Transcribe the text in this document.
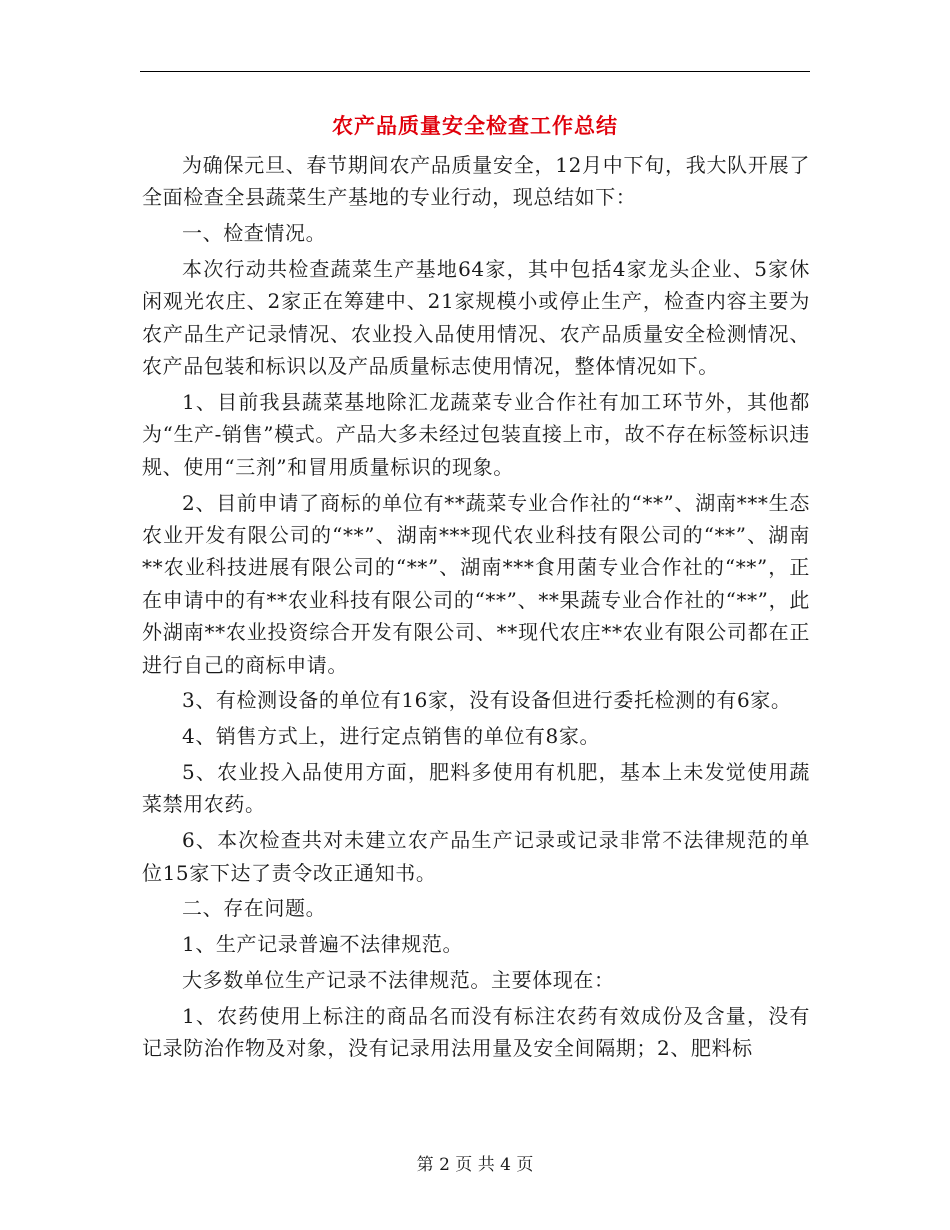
农产品质量安全检查工作总结

为确保元旦、春节期间农产品质量安全，12月中下旬，我大队开展了全面检查全县蔬菜生产基地的专业行动，现总结如下：

一、检查情况。

本次行动共检查蔬菜生产基地64家，其中包括4家龙头企业、5家休闲观光农庄、2家正在筹建中、21家规模小或停止生产，检查内容主要为农产品生产记录情况、农业投入品使用情况、农产品质量安全检测情况、农产品包装和标识以及产品质量标志使用情况，整体情况如下。

1、目前我县蔬菜基地除汇龙蔬菜专业合作社有加工环节外，其他都为“生产-销售”模式。产品大多未经过包装直接上市，故不存在标签标识违规、使用“三剂”和冒用质量标识的现象。

2、目前申请了商标的单位有**蔬菜专业合作社的“**”、湖南***生态农业开发有限公司的“**”、湖南***现代农业科技有限公司的“**”、湖南**农业科技进展有限公司的“**”、湖南***食用菌专业合作社的“**”，正在申请中的有**农业科技有限公司的“**”、**果蔬专业合作社的“**”，此外湖南**农业投资综合开发有限公司、**现代农庄**农业有限公司都在正进行自己的商标申请。

3、有检测设备的单位有16家，没有设备但进行委托检测的有6家。

4、销售方式上，进行定点销售的单位有8家。

5、农业投入品使用方面，肥料多使用有机肥，基本上未发觉使用蔬菜禁用农药。

6、本次检查共对未建立农产品生产记录或记录非常不法律规范的单位15家下达了责令改正通知书。

二、存在问题。

1、生产记录普遍不法律规范。

大多数单位生产记录不法律规范。主要体现在：

1、农药使用上标注的商品名而没有标注农药有效成份及含量，没有记录防治作物及对象，没有记录用法用量及安全间隔期；2、肥料标

第 2 页 共 4 页
